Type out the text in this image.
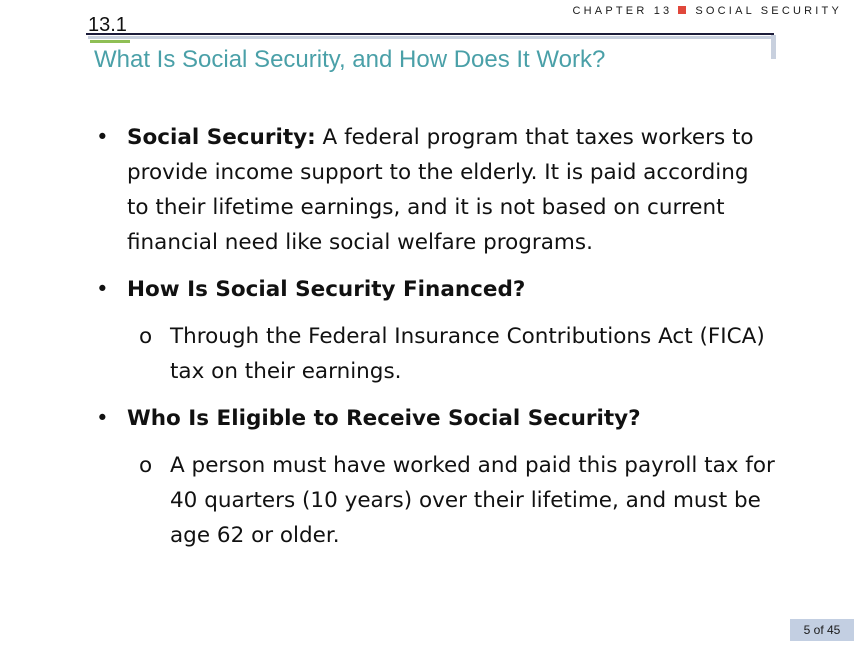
CHAPTER 13 SOCIAL SECURITY
13.1
What Is Social Security, and How Does It Work?
• Social Security: A federal program that taxes workers to provide income support to the elderly. It is paid according to their lifetime earnings, and it is not based on current financial need like social welfare programs.
• How Is Social Security Financed?
o Through the Federal Insurance Contributions Act (FICA) tax on their earnings.
• Who Is Eligible to Receive Social Security?
o A person must have worked and paid this payroll tax for 40 quarters (10 years) over their lifetime, and must be age 62 or older.
5 of 45
